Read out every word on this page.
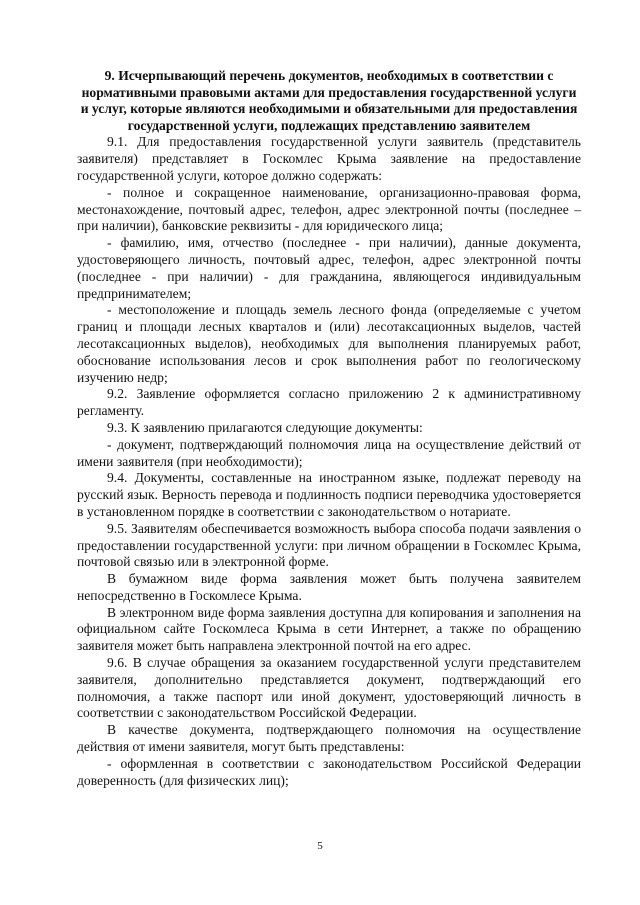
9. Исчерпывающий перечень документов, необходимых в соответствии с нормативными правовыми актами для предоставления государственной услуги и услуг, которые являются необходимыми и обязательными для предоставления государственной услуги, подлежащих представлению заявителем

9.1. Для предоставления государственной услуги заявитель (представитель заявителя) представляет в Госкомлес Крыма заявление на предоставление государственной услуги, которое должно содержать:

- полное и сокращенное наименование, организационно-правовая форма, местонахождение, почтовый адрес, телефон, адрес электронной почты (последнее – при наличии), банковские реквизиты - для юридического лица;

- фамилию, имя, отчество (последнее - при наличии), данные документа, удостоверяющего личность, почтовый адрес, телефон, адрес электронной почты (последнее - при наличии) - для гражданина, являющегося индивидуальным предпринимателем;

- местоположение и площадь земель лесного фонда (определяемые с учетом границ и площади лесных кварталов и (или) лесотаксационных выделов, частей лесотаксационных выделов), необходимых для выполнения планируемых работ, обоснование использования лесов и срок выполнения работ по геологическому изучению недр;

9.2. Заявление оформляется согласно приложению 2 к административному регламенту.

9.3. К заявлению прилагаются следующие документы:

- документ, подтверждающий полномочия лица на осуществление действий от имени заявителя (при необходимости);

9.4. Документы, составленные на иностранном языке, подлежат переводу на русский язык. Верность перевода и подлинность подписи переводчика удостоверяется в установленном порядке в соответствии с законодательством о нотариате.

9.5. Заявителям обеспечивается возможность выбора способа подачи заявления о предоставлении государственной услуги: при личном обращении в Госкомлес Крыма, почтовой связью или в электронной форме.

В бумажном виде форма заявления может быть получена заявителем непосредственно в Госкомлесе Крыма.

В электронном виде форма заявления доступна для копирования и заполнения на официальном сайте Госкомлеса Крыма в сети Интернет, а также по обращению заявителя может быть направлена электронной почтой на его адрес.

9.6. В случае обращения за оказанием государственной услуги представителем заявителя, дополнительно представляется документ, подтверждающий его полномочия, а также паспорт или иной документ, удостоверяющий личность в соответствии с законодательством Российской Федерации.

В качестве документа, подтверждающего полномочия на осуществление действия от имени заявителя, могут быть представлены:

- оформленная в соответствии с законодательством Российской Федерации доверенность (для физических лиц);

5
